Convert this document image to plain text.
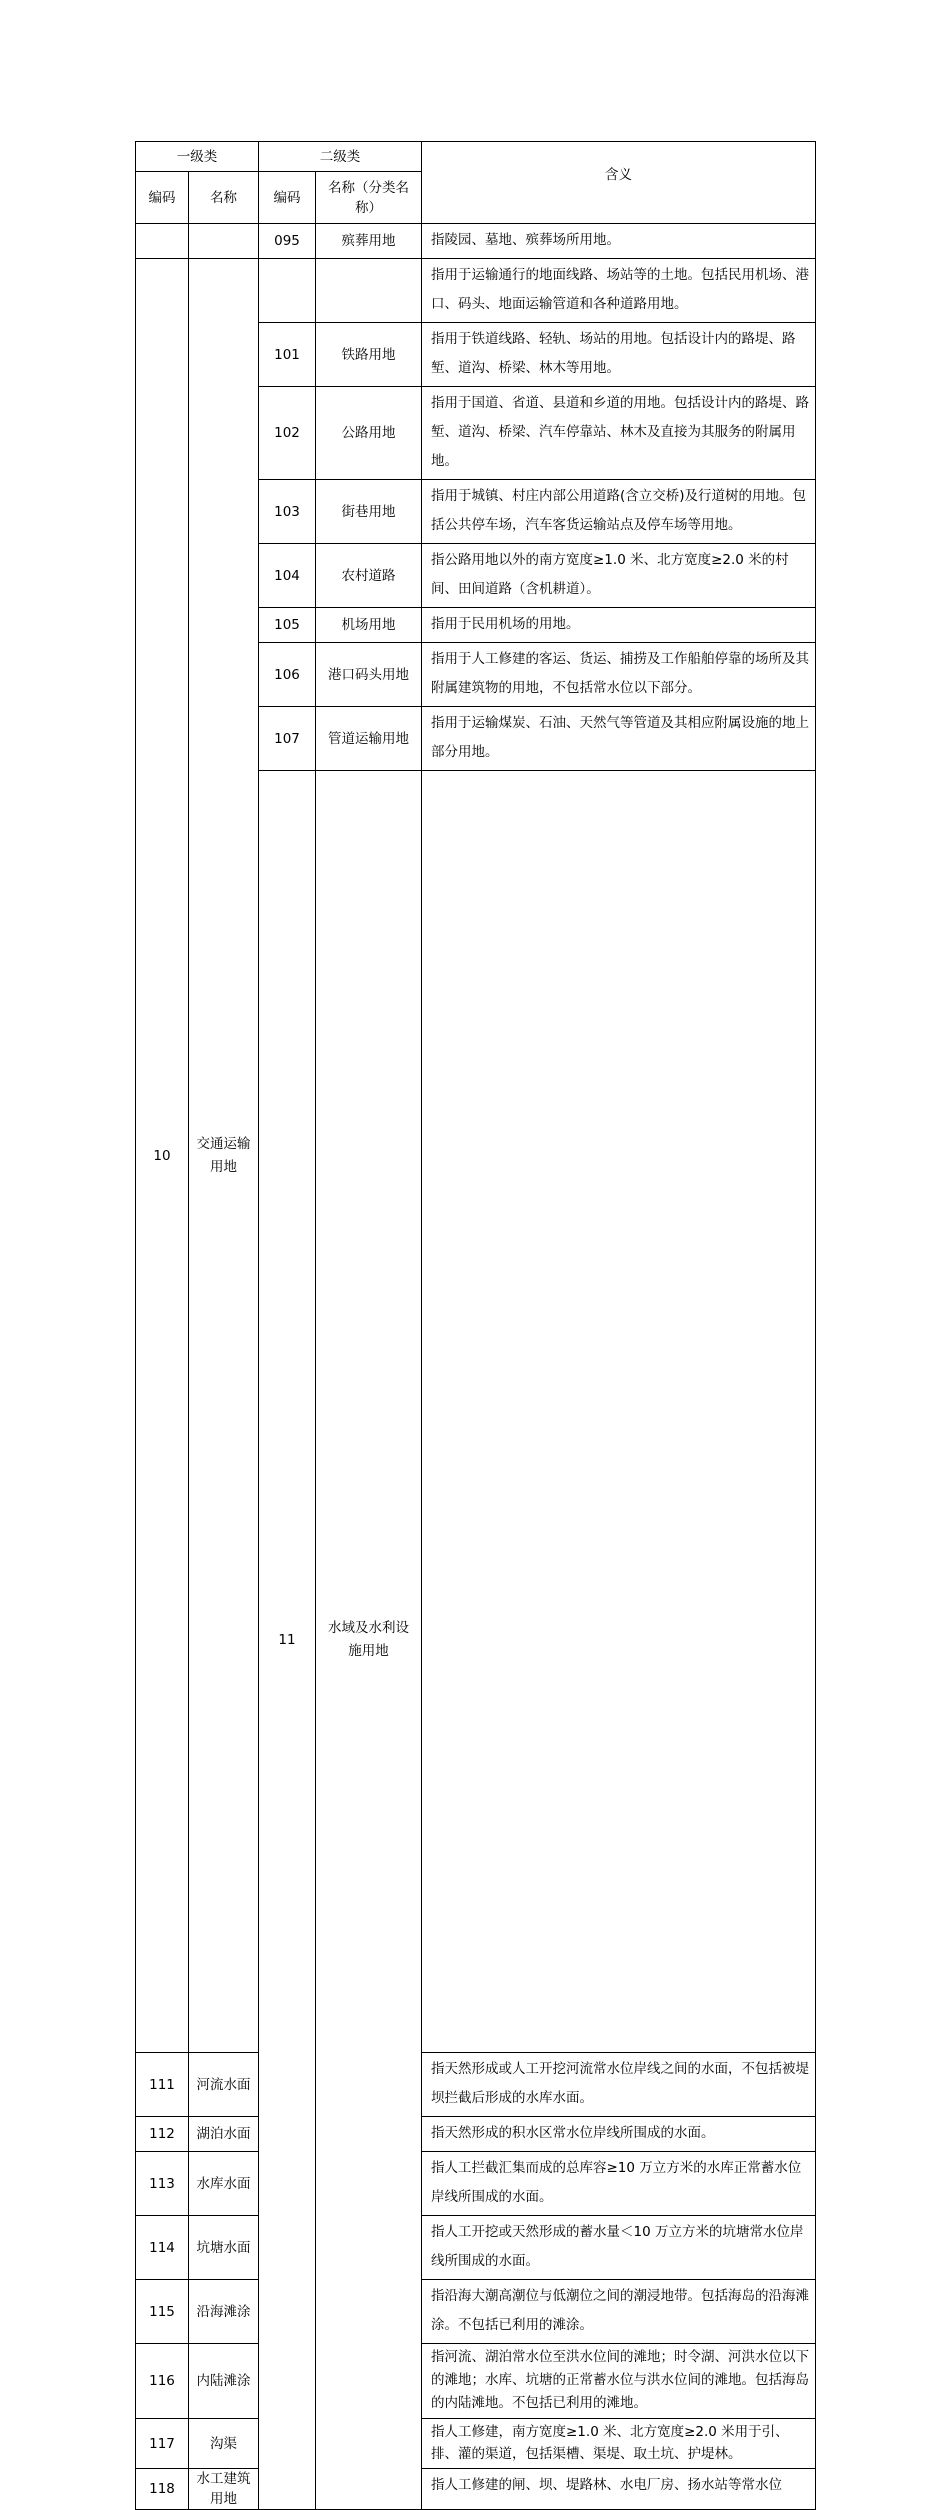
一级类		二级类		含义	
编码	名称	编码	名称（分类名称）		
		095	殡葬用地	指陵园、墓地、殡葬场所用地。	
10	交通运输用地			指用于运输通行的地面线路、场站等的土地。包括民用机场、港口、码头、地面运输管道和各种道路用地。	
		101	铁路用地	指用于铁道线路、轻轨、场站的用地。包括设计内的路堤、路堑、道沟、桥梁、林木等用地。	
		102	公路用地	指用于国道、省道、县道和乡道的用地。包括设计内的路堤、路堑、道沟、桥梁、汽车停靠站、林木及直接为其服务的附属用地。	
		103	街巷用地	指用于城镇、村庄内部公用道路(含立交桥)及行道树的用地。包括公共停车场，汽车客货运输站点及停车场等用地。	
		104	农村道路	指公路用地以外的南方宽度≥1.0 米、北方宽度≥2.0 米的村间、田间道路（含机耕道）。	
		105	机场用地	指用于民用机场的用地。	
		106	港口码头用地	指用于人工修建的客运、货运、捕捞及工作船舶停靠的场所及其附属建筑物的用地，不包括常水位以下部分。	
		107	管道运输用地	指用于运输煤炭、石油、天然气等管道及其相应附属设施的地上部分用地。	
		11	水域及水利设施用地			
111	河流水面			指天然形成或人工开挖河流常水位岸线之间的水面，不包括被堤坝拦截后形成的水库水面。	
112	湖泊水面			指天然形成的积水区常水位岸线所围成的水面。	
113	水库水面			指人工拦截汇集而成的总库容≥10 万立方米的水库正常蓄水位岸线所围成的水面。	
114	坑塘水面			指人工开挖或天然形成的蓄水量＜10 万立方米的坑塘常水位岸线所围成的水面。	
115	沿海滩涂			指沿海大潮高潮位与低潮位之间的潮浸地带。包括海岛的沿海滩涂。不包括已利用的滩涂。	
116	内陆滩涂			指河流、湖泊常水位至洪水位间的滩地；时令湖、河洪水位以下的滩地；水库、坑塘的正常蓄水位与洪水位间的滩地。包括海岛的内陆滩地。不包括已利用的滩地。	
117	沟渠			指人工修建，南方宽度≥1.0 米、北方宽度≥2.0 米用于引、排、灌的渠道，包括渠槽、渠堤、取土坑、护堤林。	
118	水工建筑用地			指人工修建的闸、坝、堤路林、水电厂房、扬水站等常水位	
